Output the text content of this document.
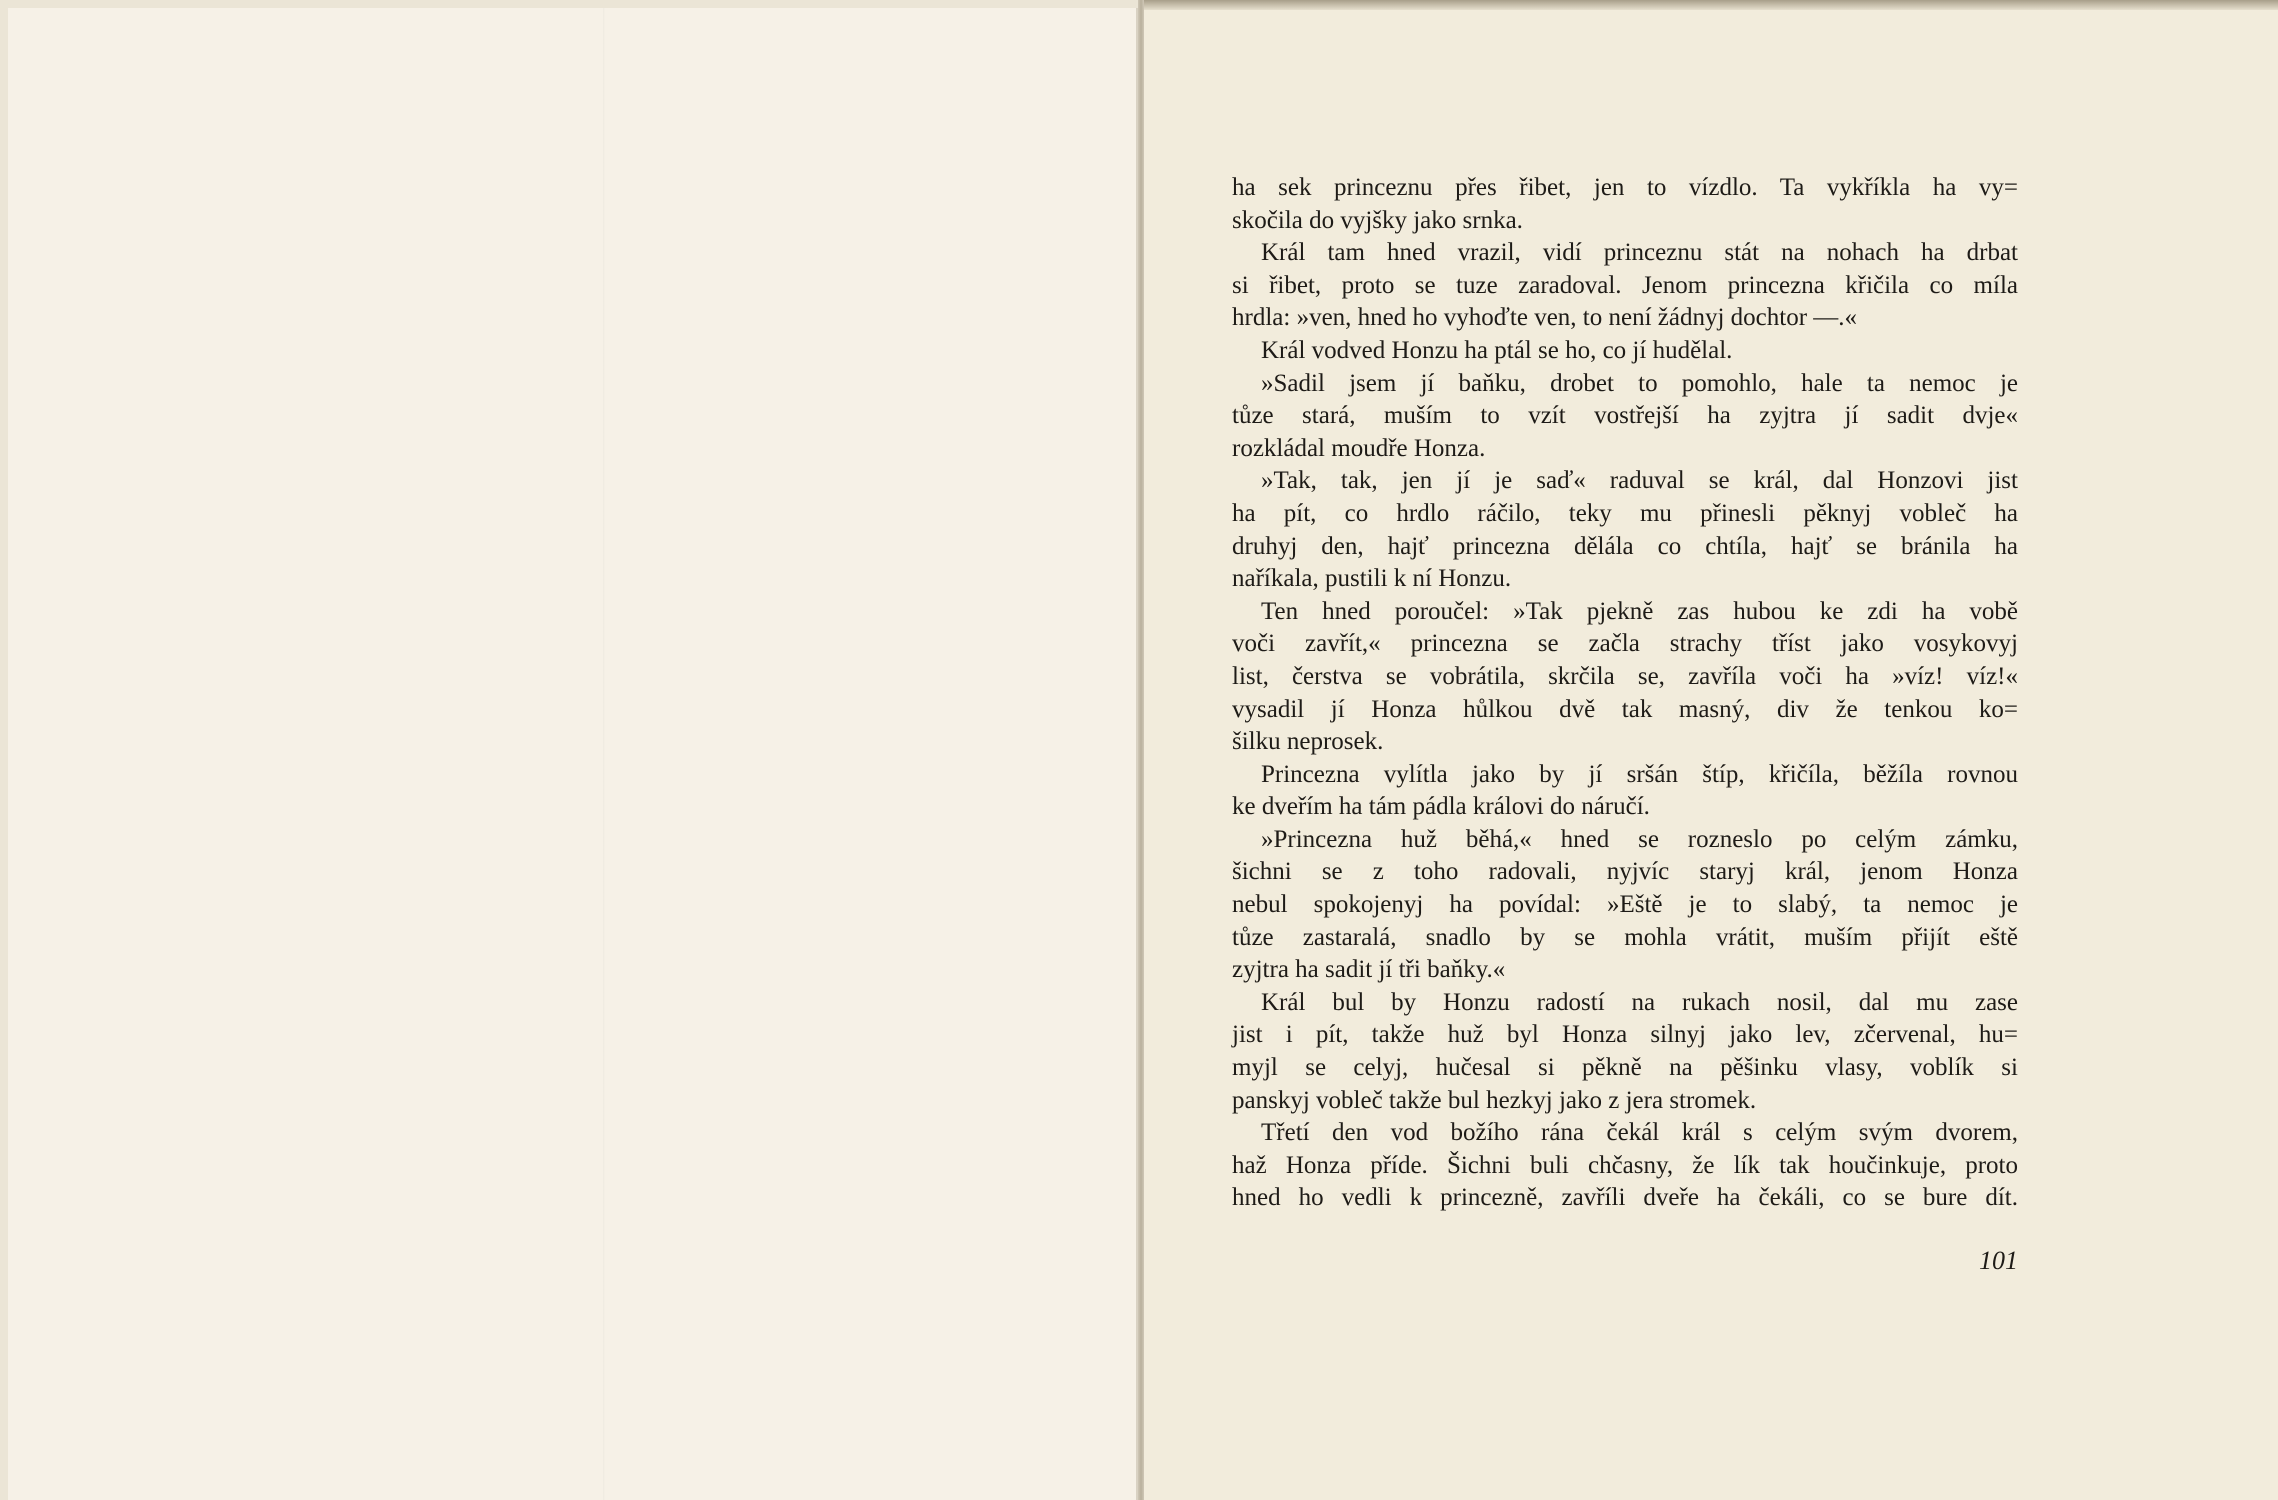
ha sek princeznu přes řibet, jen to vízdlo. Ta vykříkla ha vy=
skočila do vyjšky jako srnka.
Král tam hned vrazil, vidí princeznu stát na nohach ha drbat
si řibet, proto se tuze zaradoval. Jenom princezna křičila co míla
hrdla: »ven, hned ho vyhoďte ven, to není žádnyj dochtor —.«
Král vodved Honzu ha ptál se ho, co jí hudělal.
»Sadil jsem jí baňku, drobet to pomohlo, hale ta nemoc je
tůze stará, muším to vzít vostřejší ha zyjtra jí sadit dvje«
rozkládal moudře Honza.
»Tak, tak, jen jí je saď« raduval se král, dal Honzovi jist
ha pít, co hrdlo ráčilo, teky mu přinesli pěknyj vobleč ha
druhyj den, hajť princezna dělála co chtíla, hajť se bránila ha
naříkala, pustili k ní Honzu.
Ten hned poroučel: »Tak pjekně zas hubou ke zdi ha vobě
voči zavřít,« princezna se začla strachy tříst jako vosykovyj
list, čerstva se vobrátila, skrčila se, zavříla voči ha »víz! víz!«
vysadil jí Honza hůlkou dvě tak masný, div že tenkou ko=
šilku neprosek.
Princezna vylítla jako by jí sršán štíp, křičíla, běžíla rovnou
ke dveřím ha tám pádla královi do náručí.
»Princezna huž běhá,« hned se rozneslo po celým zámku,
šichni se z toho radovali, nyjvíc staryj král, jenom Honza
nebul spokojenyj ha povídal: »Eště je to slabý, ta nemoc je
tůze zastaralá, snadlo by se mohla vrátit, muším přijít eště
zyjtra ha sadit jí tři baňky.«
Král bul by Honzu radostí na rukach nosil, dal mu zase
jist i pít, takže huž byl Honza silnyj jako lev, zčervenal, hu=
myjl se celyj, hučesal si pěkně na pěšinku vlasy, voblík si
panskyj vobleč takže bul hezkyj jako z jera stromek.
Třetí den vod božího rána čekál král s celým svým dvorem,
haž Honza příde. Šichni buli chčasny, že lík tak houčinkuje, proto
hned ho vedli k princezně, zavříli dveře ha čekáli, co se bure dít.
101
